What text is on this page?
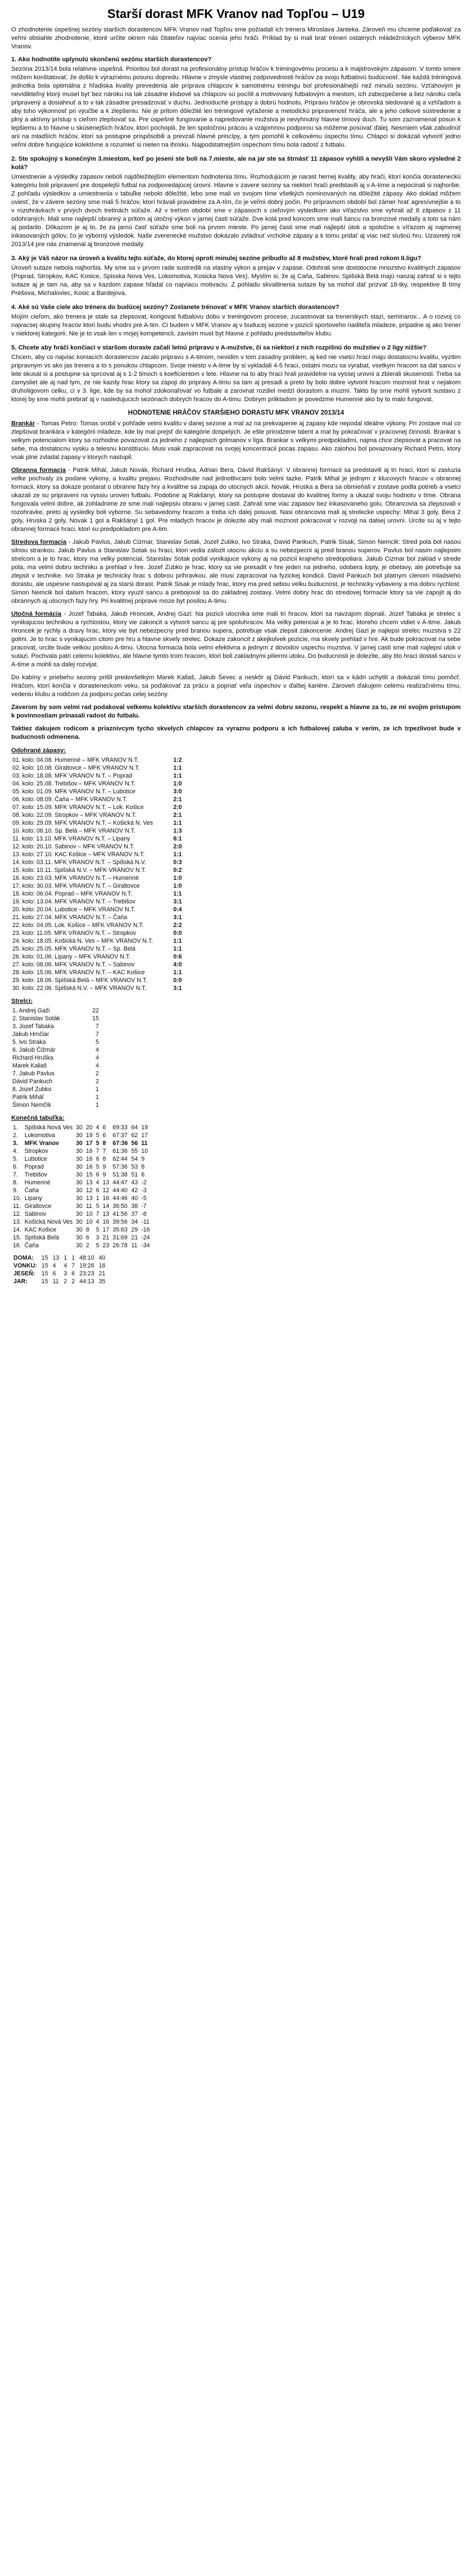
Starší dorast MFK Vranov nad Topľou – U19

O zhodnotenie úspešnej sezóny starších dorastencov MFK Vranov nad Topľou sme požiadali ich trénera Miroslava Janteka. Zároveň mu chceme poďakovať za veľmi obsiahle zhodnotenie, ktoré určite okrem nás čitateľov najviac ocenia jeho hráči. Príklad by si mali brať tréneri ostatných mládežníckych výberov MFK Vranov.

1. Ako hodnotíte uplynulú skončenú sezónu starších dorastencov?

Sezóna 2013/14 bola relatívne úspešná. Prioritou bol dorast na profesionálny prístup hráčov k tréningovému procesu a k majstrovským zápasom. V tomto smere môžem konštatovať, že došlo k výraznému posunu dopredu. Hlavne v zmysle vlastnej zodpovednosti hráčov za svoju futbalovú budúcnosť. Nie každá tréningová jednotka bola optimálna z hľadiska kvality prevedenia ale príprava chlapcov k samotnému tréningu bol profesionálnejší než minulú sezónu. Vzťahovým je nevídikteľný ktorý musel byť bez nároku na tak zásadne klubové sa chlapcov sú pocítil a motivovaný futbalovým a mestom, ich zabezpečenie a bez nároku cieľa pripravený a dosiahnuť a to v tak zásadne presadzovať v duchu. Jednoduché prístupy a dobrú hodnotu, Prípravu hráčov je obrovská sledované aj a vzhľadom a aby toho výkonnosť pri výučbe a k zlepšeniu. Nie je pritom dôležité len tréningové vyťaženie a metodickú pripravenosť hráča, ale a jeho celkové sústredenie a plný a aktívny prístup s cieľom zlepšovať sa. Pre úspešné fungovanie a napredovanie mužstva je nevyhnutný hlavne tímový duch. Tu som zaznamenal posun k lepšiemu a to hlavne u skúsenejších hráčov, ktorí pochopili, že len spoločnou prácou a vzájomnou podporou sa môžeme posúvať ďalej. Nesmiem však zabudnúť ani na mladších hráčov, ktorí sa postupne prispôsobili a prevzali hlavné princípy, a tým pomohli k celkovému úspechu tímu. Chlapci si dokázali vytvoriť jedno veľmi dobre fungujúce kolektívne a rozumieť si nielen na ihrisku. Najpodstatnejším úspechom tímu bola radosť z futbalu.

2. Ste spokojný s konečným 3.miestom, keď po jeseni ste boli na 7.mieste, ale na jar ste sa štrnásť 11 zápasov vyhlili a nevyšli Vám skoro výsledné 2 kolá?

Umiestnenie a výsledky zápasov neboli najdôležitejším elementom hodnotenia tímu. Rozhodujúcim je narast hernej kvality, aby hrači, ktorí končia dorasteneckú kategóriu boli pripravení pre dospelejší futbal na zodpovedajúcej úrovni. Hlavne v zavere sezony sa niektorí hrači predstavili aj v A-tíme a nepocinali si najhoršie. Z pohľadu výsledkov a umiestnenia v tabuľke nebolo dôležité, lebo sme mali vo svojom tíme všetkých nominovaných na dôležité zápasy. Ako doklad môžem uviesť, že v závere sezóny sme mali 5 hráčov, ktorí hrávali pravidelne za A-tím, čo je veľmi dobrý počin. Po prípravnom období bol zámer hrať agresívnejšie a to v rozohrávkach v prvých dvoch tretinách súťaže. Až v treťom období sme v zápasoch s cieľovým výsledkom ako víťazstvo sme vyhrali až 8 zápasov z 11 odohraných. Mali sme najlepší obranný a pritom aj útočný výkon v jarnej časti súťaže. Dve kolá pred koncom sme mali šancu na bronzové medaily a toto sa nám aj podarilo. Dôkazom je aj to, že za jarnú časť súťaže sme boli na prvom mieste. Po jarnej časti sme mali najlepší útok a spoločne s víťazom aj najmenej inkasovaných gólov, čo je výborný výsledok. Naše zverenecké mužstvo dokázalo zvládnuť vrcholné zápasy a k tomu pridať aj viac než slušnú hru. Uzavretý rok 2013/14 pre nás znamenal aj bronzové medaily.

3. Aký je Váš názor na úroveň a kvalitu tejto súťaže, do ktorej oproti minulej sezóne pribudlo až 8 mužstiev, ktoré hrali pred rokom II.ligu?

Úroveň sutaze nebola najhoršia. My sme sa v prvom rade sustredili na vlastny výkon a prejav v zapase. Odohrali sme dostatocne mnozstvo kvalitnych zapasov (Poprad, Stropkov, KAC Kosice, Spisska Nova Ves, Lokomotiva, Kosicka Nova Ves). Myslím si, že aj Caňa, Sabinov, Spišská Belá majú naozaj zahrať si s tejto sutaze aj je tam na, aby sa v kazdom zapase hľadal co najviacu motivaciu. Z pohladu skvalitnenia sutaze by sa mohol dať prizvať 18-tky, respektive B tímy Prešova, Michaloviec, Kosic a Bardejova.

4. Aké sú Vaše ciele ako trénera do budúcej sezóny? Zostanete trénovať v MFK Vranov starších dorastencov?

Mojím cieľom, ako trenera je stale sa zlepsovat, korigovat futbalovu dobu v treningovom procese, zucastnovat sa trenerskych stazi, seminarov... A o rozvoj co najvacsej skupiny hracov ktori budu vhodni pre A-tim. Ci budem v MFK Vranov aj v buducej sezone v pozicii sportoveho riaditeľa mladeze, pripadne aj ako trener v niektorej kategorii. Nie je to vsak len v mojej kompetencii, zavisim must byt hlavne z pohladu predstaviteľov klubu.

5. Chcete aby hráči končiaci v staršom doraste začali letnú prípravu v A-mužstve, či sa niektorí z nich rozpíšnú do mužstiev o 2 ligy nižšie?

Chcem, aby co najviac koniacich dorastencov zacalo pripravu s A-timom, nevidim v tom zasadny problem, aj ked nie vsetci hraci maju dostatocnu kvalitu, vyzitim pripravnym vs ako jas trenera a to s ponukou chlapcom. Svoje miesto v A-time by si vykladali 4-5 hraci, ostatni mozu sa vyrabat, vsetkym hracom sa dat sancu v lete skusat si a postupne sa sprcovat aj s 1-2 timoch s koeficientom v lete. Hlavne na to aby hraci hrali pravidelne na vyssej urovni a zbierali skusenosti. Treba sa zamysliet ale aj nad tym, ze nie kazdy hrac ktory sa zapoji do pripravy A-timu sa tam aj presadi a preto by bolo dobre vytvorit hracom moznost hrat v nejakom druholigovom celku, ci v 3. lige, kde by sa mohol zdokonaľovať vo futbale a zarovnat rozdiel medzi dorastom a muzmi. Takto by sme mohli vytvorit sustavu z ktorej by sme mohli prebrať aj v nasledujucich sezónach dobrych hracov do A-timu. Dobrym priikladom je povedzme Humenné ako by to malo fungovat.

HODNOTENIE HRÁČOV STARŠIEHO DORASTU MFK VRANOV 2013/14

Brankár - Tomas Petro: Tomas orobil v pohľade velmi kvalitu v danej sezone a mal az na prekvapenie aj zapasy kde nepodal ideálne výkony. Pri zostave mal co zlepšovat brankára v kategórii mladeze, kde by mal prejsť do kategórie dospelých. Je ešte prirodzene talent a mal by pokračovať v pracovnej činnosti. Brankar s velkym potencialom ktory sa rozhodne povazovat za jedneho z najlepsich golmanov v liga. Brankar s velkymi predpokladmi, najma chce zlepsovat a pracovat na sebe, ma dostatocnu vysku a telesnu konstituciu. Musi vsak zapracovat na svojej koncentracii pocas zapasu. Ako zalohou bol povazovany Richard Petro, ktory vsak plne zvladal zapasy v ktorych nastupil.

Obranna formacia - Patrik Mihál, Jakub Novák, Richard Hruška, Adrian Bera, Dávid Rakšányi: V obrannej formacii sa predstavili aj tri hraci, ktori si zasluzia velke pochvaly za podane vykony, a kvalitu prejavu. Rozhodnutie nad jednotlivcami bolo velmi tazke. Patrik Mihal je jednym z klucovych hracov v obrannej formacii, ktory sa dokaze postarat o obranne fazy hry a kvalitne sa zapaja do utocnych akcii. Novák, Hruska a Bera sa obmieňali v zostave podla potrieb a vsetci ukazali ze su pripraveni na vyssiu uroven futbalu. Podobne aj Rakšányi, ktory sa postupne dostaval do kvalitnej formy a ukazal svoju hodnotu v tíme. Obrana fungovala velmi dobre, ak zohladnime ze sme mali najlepsiu obranu v jarnej casti. Zahrali sme viac zapasov bez inkasovaneho golu. Obrancovia sa zlepsovali v rozohravke, preto aj vysledky boli vyborne. Su sebavedomy hracom a treba ich dalej posuvat. Nasi obrancovia mali aj strelecke uspechy: Mihal 3 goly, Bera 2 goly, Hruska 2 goly, Novak 1 gol a Rakšányi 1 gol. Pre mladych hracov je dolezite aby mali moznost pokracovat v rozvoji na dalsej urovni. Urcite su aj v tejto obrannej formacii hraci, ktori su predpokladom pre A-tim.

Stredova formacia - Jakub Pavlus, Jakub Cizmar, Stanislav Sotak, Jozef Zubko, Ivo Straka, David Pankuch, Patrik Sisak, Simon Nemcik: Stred pola bol nasou silnou strankou. Jakub Pavlus a Stanislav Sotak su hraci, ktori vedia zalozit utocnu akciu a su nebezpecni aj pred branou superov. Pavlus bol nasim najlepsim strelcom a je to hrac, ktory ma velky potencial. Stanislav Sotak podal vynikajuce vykony aj na pozicii krajneho stredopoliara. Jakub Cizmar bol zaklad v strede pola, ma velmi dobru techniku a prehlad v hre. Jozef Zubko je hrac, ktory sa vie presadit v hre jeden na jedneho, odobera lopty, je obetavy, ale potrebuje sa zlepsit v technike. Ivo Straka je technicky hrac s dobrou prihravkou, ale musi zapracovat na fyzickej kondicii. David Pankuch bol platnym clenom mladsieho dorastu, ale uspesne nastupoval aj za starsi dorast. Patrik Sisak je mlady hrac, ktory ma pred sebou velku buducnost, je technicky vybaveny a ma dobru rychlost. Simon Nemcik bol dalsim hracom, ktory vyuzil sancu a prebojoval sa do zakladnej zostavy. Velmi dobry hrac do stredovej formacie ktory sa vie zapojit aj do obrannych aj utocnych fazy hry. Pri kvalitnej priprave moze byt posilou A-timu.

Utočná formácia - Jozef Tabaka, Jakub Hroncek, Andrej Gazi: Na pozicii utocnika sme mali tri hracov, ktori sa navzajom dopnali. Jozef Tabaka je strelec s vynikajucou technikou a rychlostou, ktory vie zakoncit a vytvorit sancu aj pre spoluhracov. Ma velky potencial a je to hrac, ktoreho chcem vidiet v A-time. Jakub Hroncek je rychly a dravy hrac, ktory vie byt nebezpecny pred branou supera, potrebuje vsak zlepsit zakoncenie. Andrej Gazi je najlepsi strelec muzstva s 22 golmi. Je to hrac s vynikajucim citom pre hru a hlavne skvely strelec. Dokaze zakoncit z akejkolvek pozicie, ma skvely prehlad v hre. Ak bude pokracovat na sebe pracovat, urcite bude velkou posilou A-timu. Utocna formacia bola velmi efektivna a jednym z dovodov uspechu muzstva. V jarnej casti sme mali najlepsi utok v sutazi. Pochvala patri celemu kolektivu, ale hlavne tymto trom hracom, ktori boli zakladnymi piliermi utoku. Do buducnosti je dolezite, aby tito hraci dostali sancu v A-time a mohli sa dalej rozvijat.

Do kabíny v priebehu sezony prišli predovšetkým Marek Kaliaš, Jakub Ševec a neskôr aj Dávid Pankuch, ktorí sa v kádri uchytili a dokázali tímu pomôcť. Hráčom, ktorí končia v dorasteneckom veku, sa poďakovať za prácu a popriať veľa úspechov v ďalšej kariére. Zároveň ďakujem celému realizačnému tímu, vedeniu klubu a rodičom za podporu počas celej sezóny.

Zaverom by som velmi rad podakoval velkemu kolektívu starších dorastencov za velmi dobru sezonu, respekt a hlavne za to, ze mi svojim pristupom k povinnostiam prinasali radost do futbalu.

Taktiez dakujem rodicom a priaznivcym tycho skvelych chlapcov za vyraznu podporu a ich futbalovej zaluba v verim, ze ich trpezlivost bude v buducnosti odmenena.

Odohrané zápasy:
01. kolo: 04.08. Humenné – MFK VRANOV N.T.	1:2
02. kolo: 10.08. Giraltovce – MFK VRANOV N.T.	1:1
03. kolo: 18.08. MFK VRANOV N.T. – Poprad	1:1
04. kolo: 25.08. Trebišov – MFK VRANOV N.T.	1:0
05. kolo: 01.09. MFK VRANOV N.T. – Lubotice	3:0
06. kolo: 08.09. Čaňa – MFK VRANOV N.T.	2:1
07. kolo: 15.09. MFK VRANOV N.T. – Lok. Košice	2:0
08. kolo: 22.09. Stropkov – MFK VRANOV N.T.	2:1
09. kolo: 29.09. MFK VRANOV N.T. – Košická N. Ves	1:1
10. kolo: 06.10. Sp. Belá – MFK VRANOV N.T.	1:3
11. kolo: 13.10. MFK VRANOV N.T. – Lipany	6:1
12. kolo: 20.10. Sabinov – MFK VRANOV N.T.	2:0
13. kolo: 27.10. KAC Košice – MFK VRANOV N.T.	1:1
14. kolo: 03.11. MFK VRANOV N.T. – Spišská N.V.	0:3
15. kolo: 10.11. Spišská N.V. – MFK VRANOV N.T.	0:2
16. kolo: 23.03. MFK VRANOV N.T. – Humenné	1:0
17. kolo: 30.03. MFK VRANOV N.T. – Giraltovce	1:0
18. kolo: 06.04. Poprad – MFK VRANOV N.T.	1:1
19. kolo: 13.04. MFK VRANOV N.T. – Trebišov	3:1
20. kolo: 20.04. Lubotice – MFK VRANOV N.T.	0:4
21. kolo: 27.04. MFK VRANOV N.T. – Čaňa	3:1
22. kolo: 04.05. Lok. Košice – MFK VRANOV N.T.	2:2
23. kolo: 11.05. MFK VRANOV N.T. – Stropkov	0:0
24. kolo: 18.05. Košická N. Ves – MFK VRANOV N.T.	1:1
25. kolo: 25.05. MFK VRANOV N.T. – Sp. Belá	1:1
26. kolo: 01.06. Lipany – MFK VRANOV N.T.	0:6
27. kolo: 08.06. MFK VRANOV N.T. – Sabinov	4:0
28. kolo: 15.06. MFK VRANOV N.T. – KAC Košice	1:1
29. kolo: 18.06. Spišská Belá – MFK VRANOV N.T.	0:0
30. kolo: 22.06. Spišská N.V. – MFK VRANOV N.T.	3:1
Strelci:
1. Andrej Gaži	22
2. Stanislav Soták	15
3. Jozef Tabaka	7
Jakub Hrnčiar	7
5. Ivo Straka	5
6. Jakub Čižmár	4
Richard Hruška	4
Marek Kaliaš	4
7. Jakub Pavlus	2
Dávid Pankuch	2
8. Jozef Zubko	1
Patrik Mihál	1
Šimon Nemčík	1
Konečná tabuľka:
1.	Spišská Nová Ves	30	20	4	6	69:33	64	19
2.	Lokomotiva	30	19	5	6	67:37	62	17
3.	MFK Vranov	30	17	5	8	67:36	56	11
4.	Stropkov	30	16	7	7	61:36	55	10
5.	Lubotice	30	16	6	8	62:44	54	9
6.	Poprad	30	16	5	9	57:36	53	8
7.	Trebišov	30	15	6	9	51:38	51	6
8.	Humenné	30	13	4	13	44:47	43	-2
9.	Čaňa	30	12	6	12	44:40	42	-3
10.	Lipany	30	13	1	16	44:46	40	-5
11.	Giraltovce	30	11	5	14	36:50	38	-7
12.	Sabinov	30	10	7	13	41:56	37	-8
13.	Košická Nová Ves	30	10	4	16	39:56	34	-11
14.	KAC Košice	30	8	5	17	35:63	29	-16
15.	Spišská Belá	30	6	3	21	31:69	21	-24
16.	Čaňa	30	2	5	23	26:78	11	-34
DOMA:	15	13	1	1	48:10	40
VONKU:	15	4	4	7	19:26	16
JESEŇ:	15	6	3	6	23:23	21
JAR:	15	11	2	2	44:13	35
